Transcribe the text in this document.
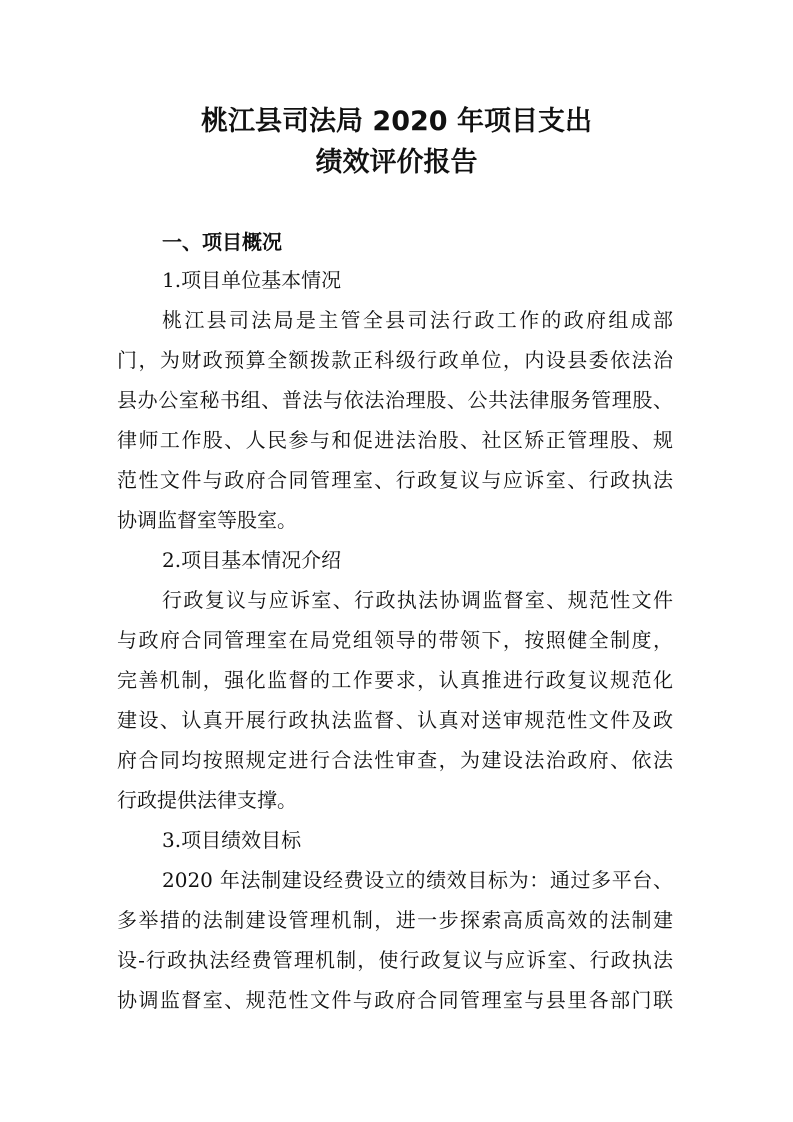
桃江县司法局 2020 年项目支出
绩效评价报告
一、项目概况
1.项目单位基本情况
桃江县司法局是主管全县司法行政工作的政府组成部
门，为财政预算全额拨款正科级行政单位，内设县委依法治
县办公室秘书组、普法与依法治理股、公共法律服务管理股、
律师工作股、人民参与和促进法治股、社区矫正管理股、规
范性文件与政府合同管理室、行政复议与应诉室、行政执法
协调监督室等股室。
2.项目基本情况介绍
行政复议与应诉室、行政执法协调监督室、规范性文件
与政府合同管理室在局党组领导的带领下，按照健全制度，
完善机制，强化监督的工作要求，认真推进行政复议规范化
建设、认真开展行政执法监督、认真对送审规范性文件及政
府合同均按照规定进行合法性审查，为建设法治政府、依法
行政提供法律支撑。
3.项目绩效目标
2020 年法制建设经费设立的绩效目标为：通过多平台、
多举措的法制建设管理机制，进一步探索高质高效的法制建
设-行政执法经费管理机制，使行政复议与应诉室、行政执法
协调监督室、规范性文件与政府合同管理室与县里各部门联
